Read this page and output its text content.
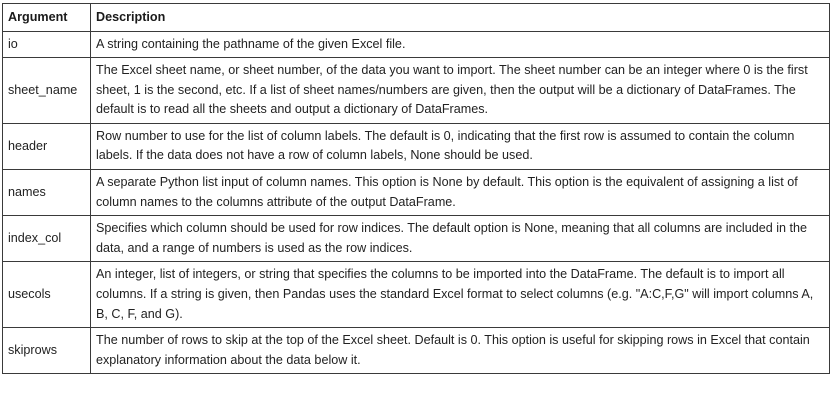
Argument	Description
io	A string containing the pathname of the given Excel file.
sheet_name	The Excel sheet name, or sheet number, of the data you want to import. The sheet number can be an integer where 0 is the first sheet, 1 is the second, etc. If a list of sheet names/numbers are given, then the output will be a dictionary of DataFrames. The default is to read all the sheets and output a dictionary of DataFrames.
header	Row number to use for the list of column labels. The default is 0, indicating that the first row is assumed to contain the column labels. If the data does not have a row of column labels, None should be used.
names	A separate Python list input of column names. This option is None by default. This option is the equivalent of assigning a list of column names to the columns attribute of the output DataFrame.
index_col	Specifies which column should be used for row indices. The default option is None, meaning that all columns are included in the data, and a range of numbers is used as the row indices.
usecols	An integer, list of integers, or string that specifies the columns to be imported into the DataFrame. The default is to import all columns. If a string is given, then Pandas uses the standard Excel format to select columns (e.g. "A:C,F,G" will import columns A, B, C, F, and G).
skiprows	The number of rows to skip at the top of the Excel sheet. Default is 0. This option is useful for skipping rows in Excel that contain explanatory information about the data below it.
